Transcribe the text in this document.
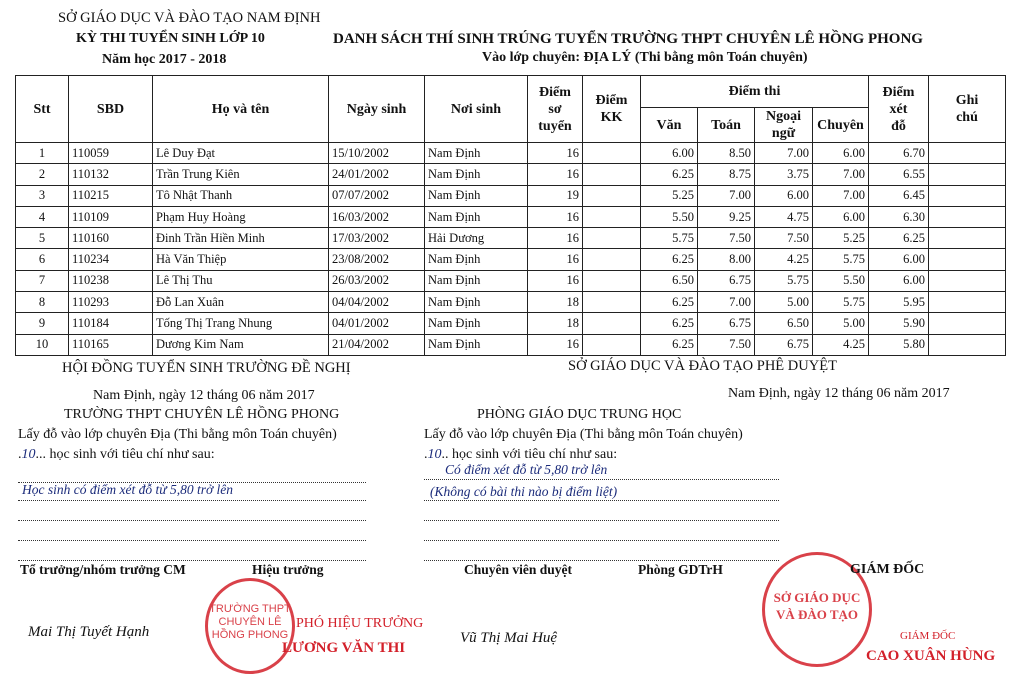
SỞ GIÁO DỤC VÀ ĐÀO TẠO NAM ĐỊNH
KỲ THI TUYỂN SINH LỚP 10
Năm học 2017 - 2018
DANH SÁCH THÍ SINH TRÚNG TUYỂN TRƯỜNG THPT CHUYÊN LÊ HỒNG PHONG
Vào lớp chuyên: ĐỊA LÝ (Thi bằng môn Toán chuyên)
Stt	SBD	Họ và tên	Ngày sinh	Nơi sinh	Điểm sơ tuyển	Điểm KK	Điểm thi				Điểm xét đỗ	Ghi chú
							Văn	Toán	Ngoại ngữ	Chuyên		
1	110059	Lê Duy Đạt	15/10/2002	Nam Định	16		6.00	8.50	7.00	6.00	6.70	
2	110132	Trần Trung Kiên	24/01/2002	Nam Định	16		6.25	8.75	3.75	7.00	6.55	
3	110215	Tô Nhật Thanh	07/07/2002	Nam Định	19		5.25	7.00	6.00	7.00	6.45	
4	110109	Phạm Huy Hoàng	16/03/2002	Nam Định	16		5.50	9.25	4.75	6.00	6.30	
5	110160	Đinh Trần Hiền Minh	17/03/2002	Hải Dương	16		5.75	7.50	7.50	5.25	6.25	
6	110234	Hà Văn Thiệp	23/08/2002	Nam Định	16		6.25	8.00	4.25	5.75	6.00	
7	110238	Lê Thị Thu	26/03/2002	Nam Định	16		6.50	6.75	5.75	5.50	6.00	
8	110293	Đỗ Lan Xuân	04/04/2002	Nam Định	18		6.25	7.00	5.00	5.75	5.95	
9	110184	Tống Thị Trang Nhung	04/01/2002	Nam Định	18		6.25	6.75	6.50	5.00	5.90	
10	110165	Dương Kim Nam	21/04/2002	Nam Định	16		6.25	7.50	6.75	4.25	5.80	
HỘI ĐỒNG TUYỂN SINH TRƯỜNG ĐỀ NGHỊ
Nam Định, ngày 12 tháng 06 năm 2017
TRƯỜNG THPT CHUYÊN LÊ HỒNG PHONG
Lấy đỗ vào lớp chuyên Địa (Thi bằng môn Toán chuyên)
.10... học sinh với tiêu chí như sau:
Học sinh có điểm xét đỗ từ 5,80 trở lên
Tổ trưởng/nhóm trưởng CM
Mai Thị Tuyết Hạnh
Hiệu trưởng
TRƯỜNG THPT CHUYÊN LÊ HỒNG PHONG
PHÓ HIỆU TRƯỞNG
LƯƠNG VĂN THI
SỞ GIÁO DỤC VÀ ĐÀO TẠO PHÊ DUYỆT
Nam Định, ngày 12 tháng 06 năm 2017
PHÒNG GIÁO DỤC TRUNG HỌC
Lấy đỗ vào lớp chuyên Địa (Thi bằng môn Toán chuyên)
.10.. học sinh với tiêu chí như sau:
Có điểm xét đỗ từ 5,80 trở lên
(Không có bài thi nào bị điểm liệt)
Chuyên viên duyệt
Vũ Thị Mai Huệ
Phòng GDTrH
SỞ GIÁO DỤC VÀ ĐÀO TẠO
GIÁM ĐỐC
GIÁM ĐỐC
CAO XUÂN HÙNG
